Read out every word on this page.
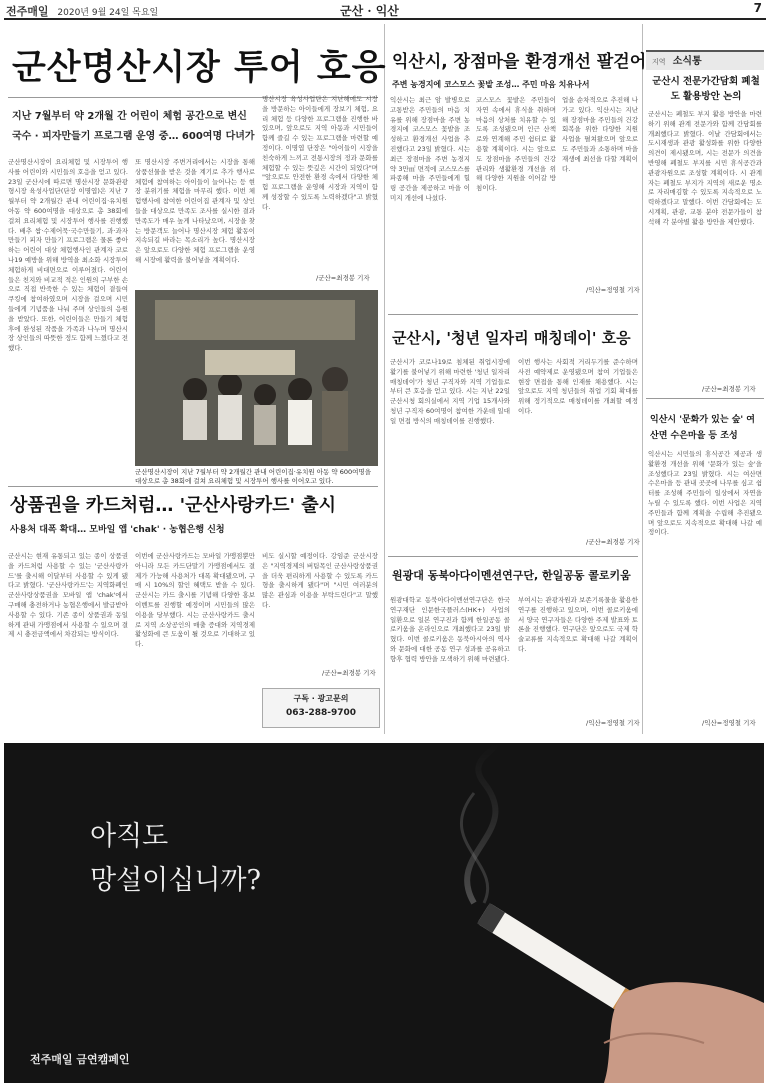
전주매일 2020년 9월 24일 목요일	군산 · 익산	7
군산명산시장 투어 호응
지난 7월부터 약 2개월 간 어린이 체험 공간으로 변신
국수 · 피자만들기 프로그램 운영 중… 600여명 다녀가
군산명산시장이 요리체험 및 시장투어 행사를 어린이와 시민들의 호응을 얻고 있다. 23일 군산시에 따르면 명산시장 문화관광형시장 육성사업단(단장 이명엽)은 지난 7월부터 약 2개월간 관내 어린이집·유치원 아동 약 600여명을 대상으로 총 38회에 걸쳐 요리체험 및 시장투어 행사를 진행했다. 배추 쌈·수제어묵·국수만들기, 과·과자만들기 피자 만들기 프로그램은 물론 좋아하는 어린이 대상 체험행사인 관계자 코로나19 예방을 위해 방역을 최소화 시장투어 체험하게 비대면으로 이루어졌다. 어린이들은 친지와 비교적 적은 인원의 구부한 손으로 직접 반죽한 수 있는 체험이 곁들여 쿠킹에 참여하였으며 시장을 걸으며 시민들에게 기념품을 나눠 주며 상인들의 응원을 받았다. 또한, 어린이들은 만들기 체험 후에 완성된 작품을 가족과 나누며 명산시장 상인들의 따뜻한 정도 함께 느꼈다고 전했다.
또 명산시장 주변거리에서는 시장을 통해 상품선물을 받은 것을 계기로 추가 행사로 체험에 참여하는 아이들이 늘어나는 등 현장 분위기를 체험을 마무리 했다. 이번 체험행사에 참여한 어린이집 관계자 및 상인들을 대상으로 만족도 조사를 실시한 결과 만족도가 매우 높게 나타났으며, 시장을 찾는 방문객도 늘어나 명산시장 체험 활동이 지속되길 바라는 목소리가 높다. 명산시장은 앞으로도 다양한 체험 프로그램을 운영해 시장에 활력을 불어넣을 계획이다.
명산시장 육성사업단은 지난해에도 시장을 방문하는 아이들에게 장보기 체험, 요리 체험 등 다양한 프로그램을 진행한 바 있으며, 앞으로도 지역 아동과 시민들이 함께 즐길 수 있는 프로그램을 마련할 예정이다. 이명엽 단장은 "아이들이 시장을 친숙하게 느끼고 전통시장의 정과 문화를 체험할 수 있는 뜻깊은 시간이 되었다"며 "앞으로도 안전한 환경 속에서 다양한 체험 프로그램을 운영해 시장과 지역이 함께 성장할 수 있도록 노력하겠다"고 밝혔다.
/군산=최경봉 기자
군산명산시장이 지난 7월부터 약 2개월간 관내 어린이집·유치원 아동 약 600여명을 대상으로 총 38회에 걸쳐 요리체험 및 시장투어 행사를 이어오고 있다.
상품권을 카드처럼… '군산사랑카드' 출시
사용처 대폭 확대… 모바일 앱 'chak' · 농협은행 신청
군산시는 현재 유통되고 있는 종이 상품권을 카드처럼 사용할 수 있는 '군산사랑카드'를 출시해 이달부터 사용할 수 있게 됐다고 밝혔다. '군산사랑카드'는 지역화폐인 군산사랑상품권을 모바일 앱 'chak'에서 구매해 충전하거나 농협은행에서 발급받아 사용할 수 있다. 기존 종이 상품권과 동일하게 관내 가맹점에서 사용할 수 있으며 결제 시 충전금액에서 차감되는 방식이다.
이번에 군산사랑카드는 모바일 가맹점뿐만 아니라 모든 카드단말기 가맹점에서도 결제가 가능해 사용처가 대폭 확대됐으며, 구매 시 10%의 할인 혜택도 받을 수 있다. 군산시는 카드 출시를 기념해 다양한 홍보 이벤트를 진행할 예정이며 시민들의 많은 이용을 당부했다. 시는 군산사랑카드 출시로 지역 소상공인의 매출 증대와 지역경제 활성화에 큰 도움이 될 것으로 기대하고 있다.
비도 실시할 예정이다. 강임준 군산시장은 "지역경제의 버팀목인 군산사랑상품권을 더욱 편리하게 사용할 수 있도록 카드형을 출시하게 됐다"며 "시민 여러분의 많은 관심과 이용을 부탁드린다"고 말했다.
/군산=최경봉 기자
구독 · 광고문의
063-288-9700
익산시, 장점마을 환경개선 팔걷어
주변 농경지에 코스모스 꽃밭 조성… 주민 마음 치유나서
익산시는 최근 암 발병으로 고통받은 주민들의 마음 치유를 위해 장점마을 주변 농경지에 코스모스 꽃밭을 조성하고 환경개선 사업을 추진했다고 23일 밝혔다. 시는 최근 장점마을 주변 농경지 약 3만㎡ 면적에 코스모스를 파종해 마을 주민들에게 힐링 공간을 제공하고 마을 이미지 개선에 나섰다.
코스모스 꽃밭은 주민들이 자연 속에서 휴식을 취하며 마음의 상처를 치유할 수 있도록 조성됐으며 인근 산책로와 연계해 주민 쉼터로 활용할 계획이다. 시는 앞으로도 장점마을 주민들의 건강관리와 생활환경 개선을 위해 다양한 지원을 이어갈 방침이다.
업을 순차적으로 추진해 나가고 있다. 익산시는 지난해 장점마을 주민들의 건강 회복을 위한 다양한 지원 사업을 펼쳐왔으며 앞으로도 주민들과 소통하며 마을 재생에 최선을 다할 계획이다.
/익산=정영철 기자
군산시, '청년 일자리 매칭데이' 호응
군산시가 코로나19로 침체된 취업시장에 활기를 불어넣기 위해 마련한 '청년 일자리 매칭데이'가 청년 구직자와 지역 기업들로부터 큰 호응을 얻고 있다. 시는 지난 22일 군산시청 회의실에서 지역 기업 15개사와 청년 구직자 60여명이 참여한 가운데 일대일 면접 방식의 매칭데이를 진행했다.
이번 행사는 사회적 거리두기를 준수하며 사전 예약제로 운영됐으며 참여 기업들은 현장 면접을 통해 인재를 채용했다. 시는 앞으로도 지역 청년들의 취업 기회 확대를 위해 정기적으로 매칭데이를 개최할 예정이다.
/군산=최경봉 기자
원광대 동북아다이멘션연구단, 한일공동 콜로키움
원광대학교 동북아다이멘션연구단은 한국연구재단 인문한국플러스(HK+) 사업의 일환으로 일본 연구진과 함께 한일공동 콜로키움을 온라인으로 개최했다고 23일 밝혔다. 이번 콜로키움은 동북아시아의 역사와 문화에 대한 공동 연구 성과를 공유하고 향후 협력 방안을 모색하기 위해 마련됐다.
부여시는 관광자원과 보존기록물을 활용한 연구를 진행하고 있으며, 이번 콜로키움에서 양국 연구자들은 다양한 주제 발표와 토론을 진행했다. 연구단은 앞으로도 국제 학술교류를 지속적으로 확대해 나갈 계획이다.
/익산=정영철 기자
지역 소식통
군산시 전문가간담회 폐철도 활용방안 논의
군산시는 폐철도 부지 활용 방안을 마련하기 위해 관계 전문가와 함께 간담회를 개최했다고 밝혔다. 이날 간담회에서는 도시재생과 관광 활성화를 위한 다양한 의견이 제시됐으며, 시는 전문가 의견을 반영해 폐철도 부지를 시민 휴식공간과 관광자원으로 조성할 계획이다. 시 관계자는 폐철도 부지가 지역의 새로운 명소로 자리매김할 수 있도록 지속적으로 노력하겠다고 말했다. 이번 간담회에는 도시계획, 관광, 교통 분야 전문가들이 참석해 각 분야별 활용 방안을 제안했다.
/군산=최경봉 기자
익산시 '문화가 있는 숲' 여산면 수은마을 등 조성
익산시는 시민들의 휴식공간 제공과 생활환경 개선을 위해 '문화가 있는 숲'을 조성했다고 23일 밝혔다. 시는 여산면 수은마을 등 관내 곳곳에 나무를 심고 쉼터를 조성해 주민들이 일상에서 자연을 누릴 수 있도록 했다. 이번 사업은 지역 주민들과 함께 계획을 수립해 추진됐으며 앞으로도 지속적으로 확대해 나갈 예정이다.
/익산=정영철 기자
아직도
망설이십니까?
전주매일 금연캠페인
